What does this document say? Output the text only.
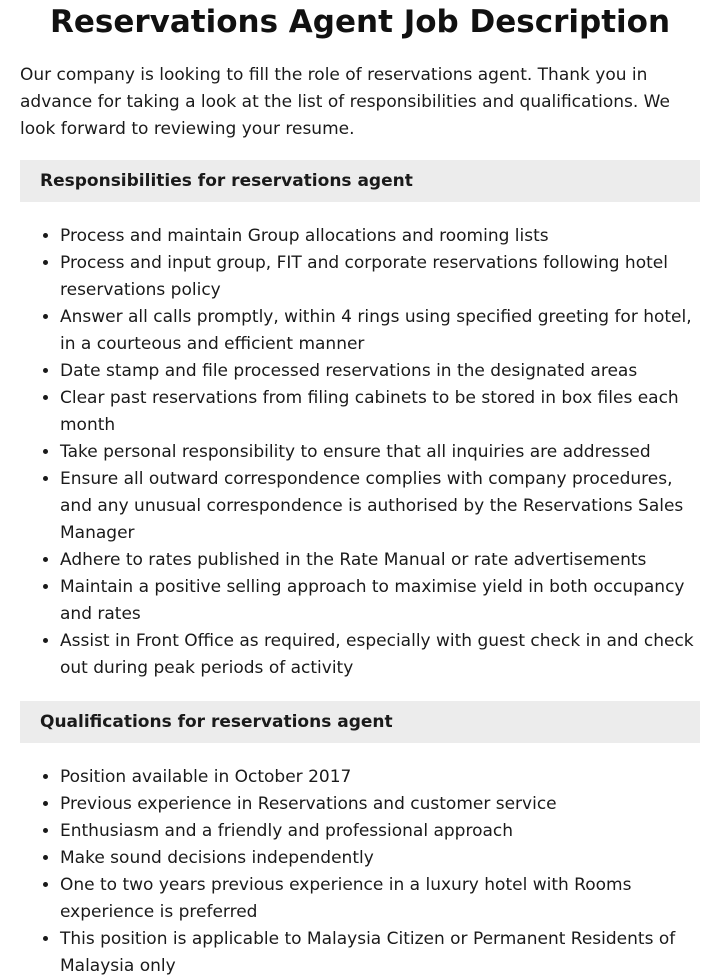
Reservations Agent Job Description

Our company is looking to fill the role of reservations agent. Thank you in advance for taking a look at the list of responsibilities and qualifications. We look forward to reviewing your resume.

Responsibilities for reservations agent
• Process and maintain Group allocations and rooming lists
• Process and input group, FIT and corporate reservations following hotel reservations policy
• Answer all calls promptly, within 4 rings using specified greeting for hotel, in a courteous and efficient manner
• Date stamp and file processed reservations in the designated areas
• Clear past reservations from filing cabinets to be stored in box files each month
• Take personal responsibility to ensure that all inquiries are addressed
• Ensure all outward correspondence complies with company procedures, and any unusual correspondence is authorised by the Reservations Sales Manager
• Adhere to rates published in the Rate Manual or rate advertisements
• Maintain a positive selling approach to maximise yield in both occupancy and rates
• Assist in Front Office as required, especially with guest check in and check out during peak periods of activity
Qualifications for reservations agent
• Position available in October 2017
• Previous experience in Reservations and customer service
• Enthusiasm and a friendly and professional approach
• Make sound decisions independently
• One to two years previous experience in a luxury hotel with Rooms experience is preferred
• This position is applicable to Malaysia Citizen or Permanent Residents of Malaysia only
